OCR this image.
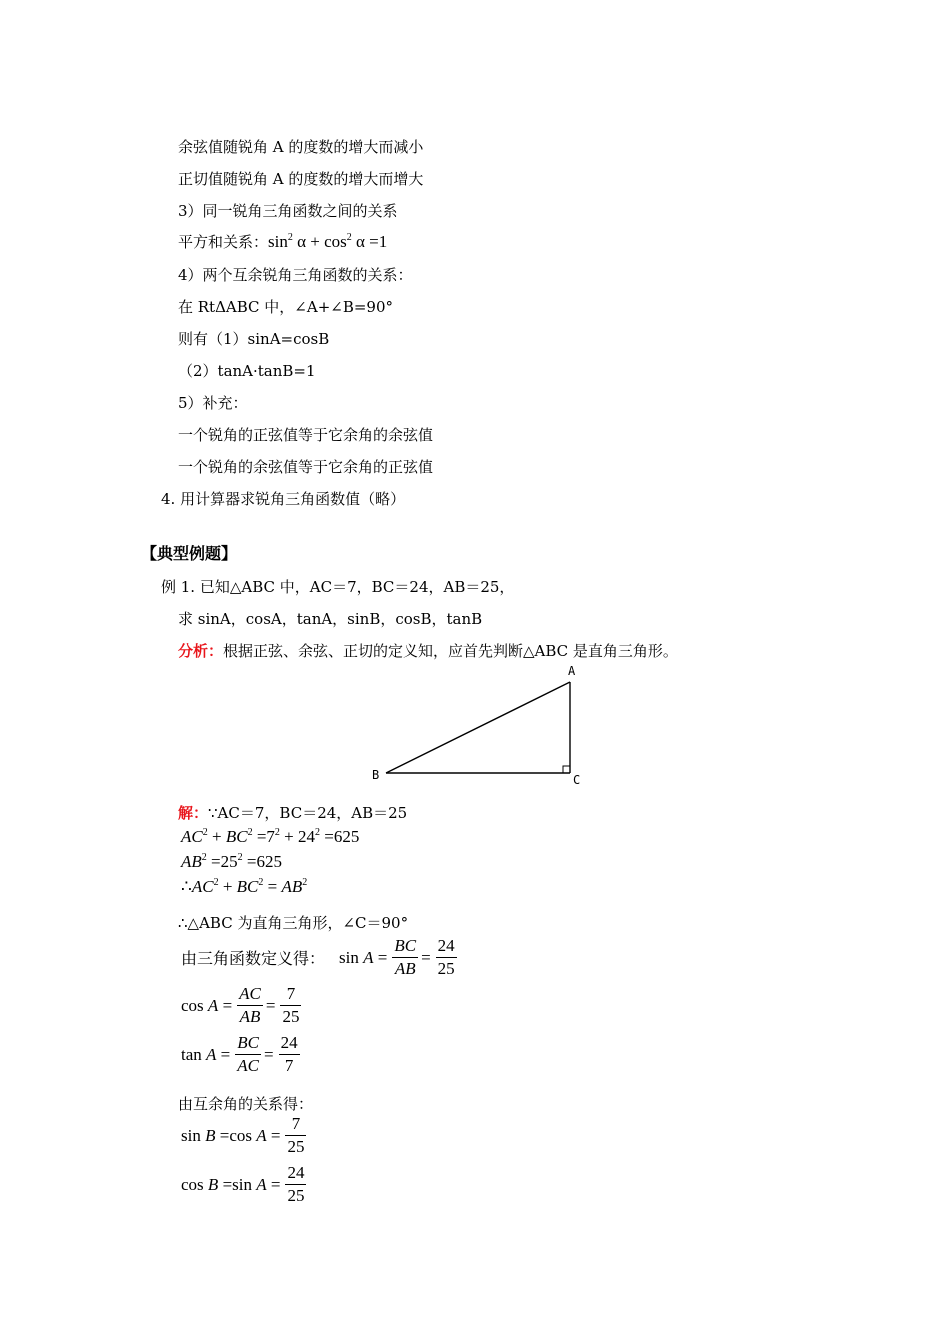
余弦值随锐角 A 的度数的增大而减小
正切值随锐角 A 的度数的增大而增大
3）同一锐角三角函数之间的关系
平方和关系：$\sin^2 \alpha + \cos^2 \alpha =1$
4）两个互余锐角三角函数的关系：
在 RtΔABC 中，∠A+∠B=90°
则有（1）sinA=cosB
（2）tanA·tanB=1
5）补充：
一个锐角的正弦值等于它余角的余弦值
一个锐角的余弦值等于它余角的正弦值
4. 用计算器求锐角三角函数值（略）
【典型例题】
例 1. 已知△ABC 中，AC＝7，BC＝24，AB＝25，
求 sinA，cosA，tanA，sinB，cosB，tanB
分析：根据正弦、余弦、正切的定义知，应首先判断△ABC 是直角三角形。
A
B	C
解：∵AC＝7，BC＝24，AB＝25
$AC^2 + BC^2 =7^2 + 24^2 =625$
$AB^2 =25^2 =625$
$\therefore AC^2 + BC^2 = AB^2$
∴△ABC 为直角三角形，∠C＝90°
由三角函数定义得： $\sin A = \frac{BC}{AB} = \frac{24}{25}$
$\cos A = \frac{AC}{AB} = \frac{7}{25}$
$\tan A = \frac{BC}{AC} = \frac{24}{7}$
由互余角的关系得：
sin B =cos $A = \frac{7}{25}$
cos B =sin $A = \frac{24}{25}$
